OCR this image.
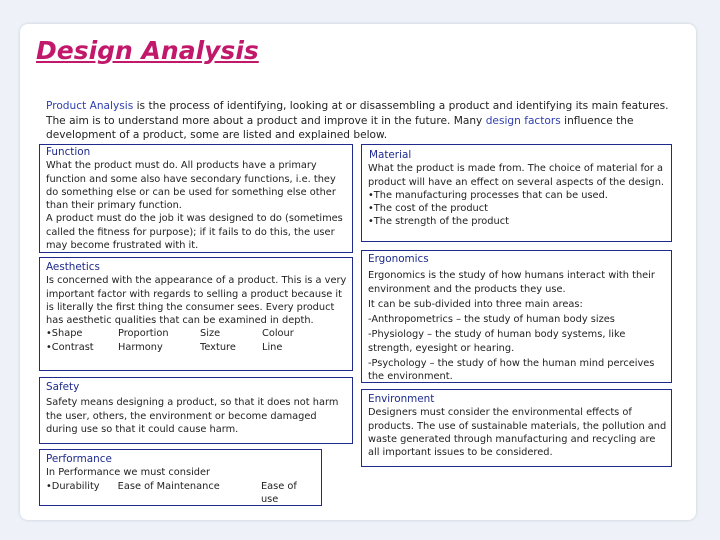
Design Analysis
Product Analysis is the process of identifying, looking at or disassembling a product and identifying its main features. The aim is to understand more about a product and improve it in the future. Many design factors influence the development of a product, some are listed and explained below.

Function

What the product must do. All products have a primary function and some also have secondary functions, i.e. they do something else or can be used for something else other than their primary function.

A product must do the job it was designed to do (sometimes called the fitness for purpose); if it fails to do this, the user may become frustrated with it.

Material

What the product is made from. The choice of material for a product will have an effect on several aspects of the design.

•The manufacturing processes that can be used.

•The cost of the product

•The strength of the product

Aesthetics

Is concerned with the appearance of a product. This is a very important factor with regards to selling a product because it is literally the first thing the consumer sees. Every product has aesthetic qualities that can be examined in depth.

•Shape	Proportion	Size	Colour
•Contrast	Harmony	Texture	Line

Ergonomics

Ergonomics is the study of how humans interact with their environment and the products they use.

It can be sub-divided into three main areas:

-Anthropometrics – the study of human body sizes

-Physiology – the study of human body systems, like strength, eyesight or hearing.

-Psychology – the study of how the human mind perceives the environment.

Safety

Safety means designing a product, so that it does not harm the user, others, the environment or become damaged during use so that it could cause harm.

Environment

Designers must consider the environmental effects of products. The use of sustainable materials, the pollution and waste generated through manufacturing and recycling are all important issues to be considered.

Performance

In Performance we must consider

•Durability	Ease of Maintenance	Ease of use
